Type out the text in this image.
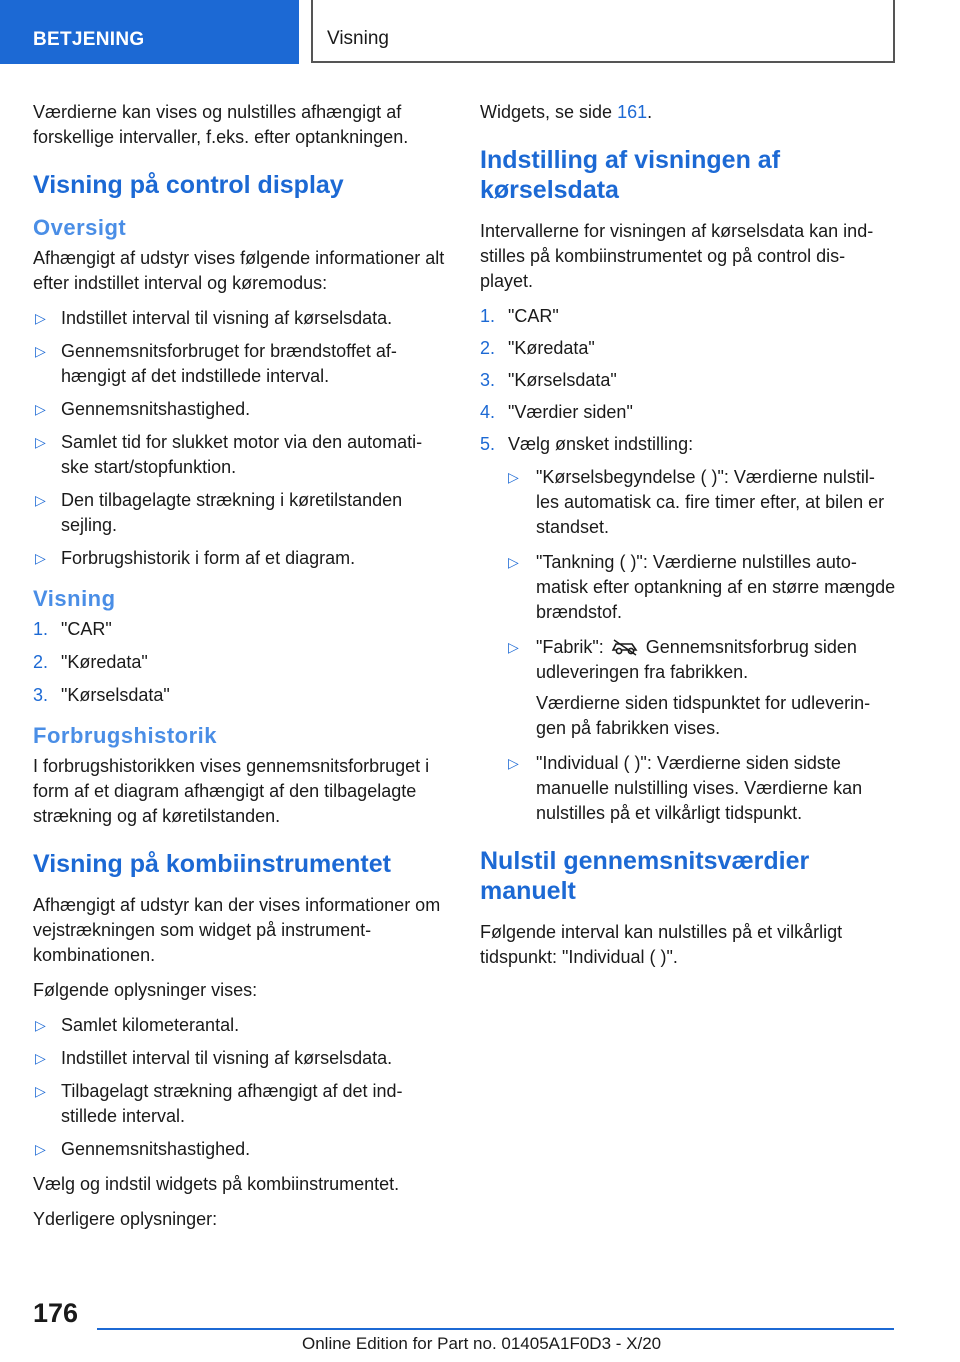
BETJENING	Visning

Værdierne kan vises og nulstilles afhængigt af forskellige intervaller, f.eks. efter optankningen.

Visning på control display
Oversigt

Afhængigt af udstyr vises følgende informationer alt efter indstillet interval og køremodus:

▷ Indstillet interval til visning af kørselsdata.
▷ Gennemsnitsforbruget for brændstoffet af-hængigt af det indstillede interval.
▷ Gennemsnitshastighed.
▷ Samlet tid for slukket motor via den automati-ske start/stopfunktion.
▷ Den tilbagelagte strækning i køretilstanden sejling.
▷ Forbrugshistorik i form af et diagram.
Visning
1. "CAR"
2. "Køredata"
3. "Kørselsdata"
Forbrugshistorik

I forbrugshistorikken vises gennemsnitsforbruget i form af et diagram afhængigt af den tilbagelagte strækning og af køretilstanden.

Visning på kombiinstrumentet

Afhængigt af udstyr kan der vises informationer om vejstrækningen som widget på instrument-kombinationen.

Følgende oplysninger vises:

▷ Samlet kilometerantal.
▷ Indstillet interval til visning af kørselsdata.
▷ Tilbagelagt strækning afhængigt af det ind-stillede interval.
▷ Gennemsnitshastighed.

Vælg og indstil widgets på kombiinstrumentet.

Yderligere oplysninger:

Widgets, se side 161.

Indstilling af visningen af kørselsdata

Intervallerne for visningen af kørselsdata kan ind-stilles på kombiinstrumentet og på control dis-playet.

1. "CAR"
2. "Køredata"
3. "Kørselsdata"
4. "Værdier siden"
5. Vælg ønsket indstilling:
▷ "Kørselsbegyndelse ( )": Værdierne nulstil-les automatisk ca. fire timer efter, at bilen er standset.
▷ "Tankning ( )": Værdierne nulstilles auto-matisk efter optankning af en større mængde brændstof.
▷ "Fabrik": Gennemsnitsforbrug siden udleveringen fra fabrikken.
Værdierne siden tidspunktet for udleverin-gen på fabrikken vises.
▷ "Individual ( )": Værdierne siden sidste manuelle nulstilling vises. Værdierne kan nulstilles på et vilkårligt tidspunkt.
Nulstil gennemsnitsværdier manuelt

Følgende interval kan nulstilles på et vilkårligt tidspunkt: "Individual ( )".

176
Online Edition for Part no. 01405A1F0D3 - X/20
